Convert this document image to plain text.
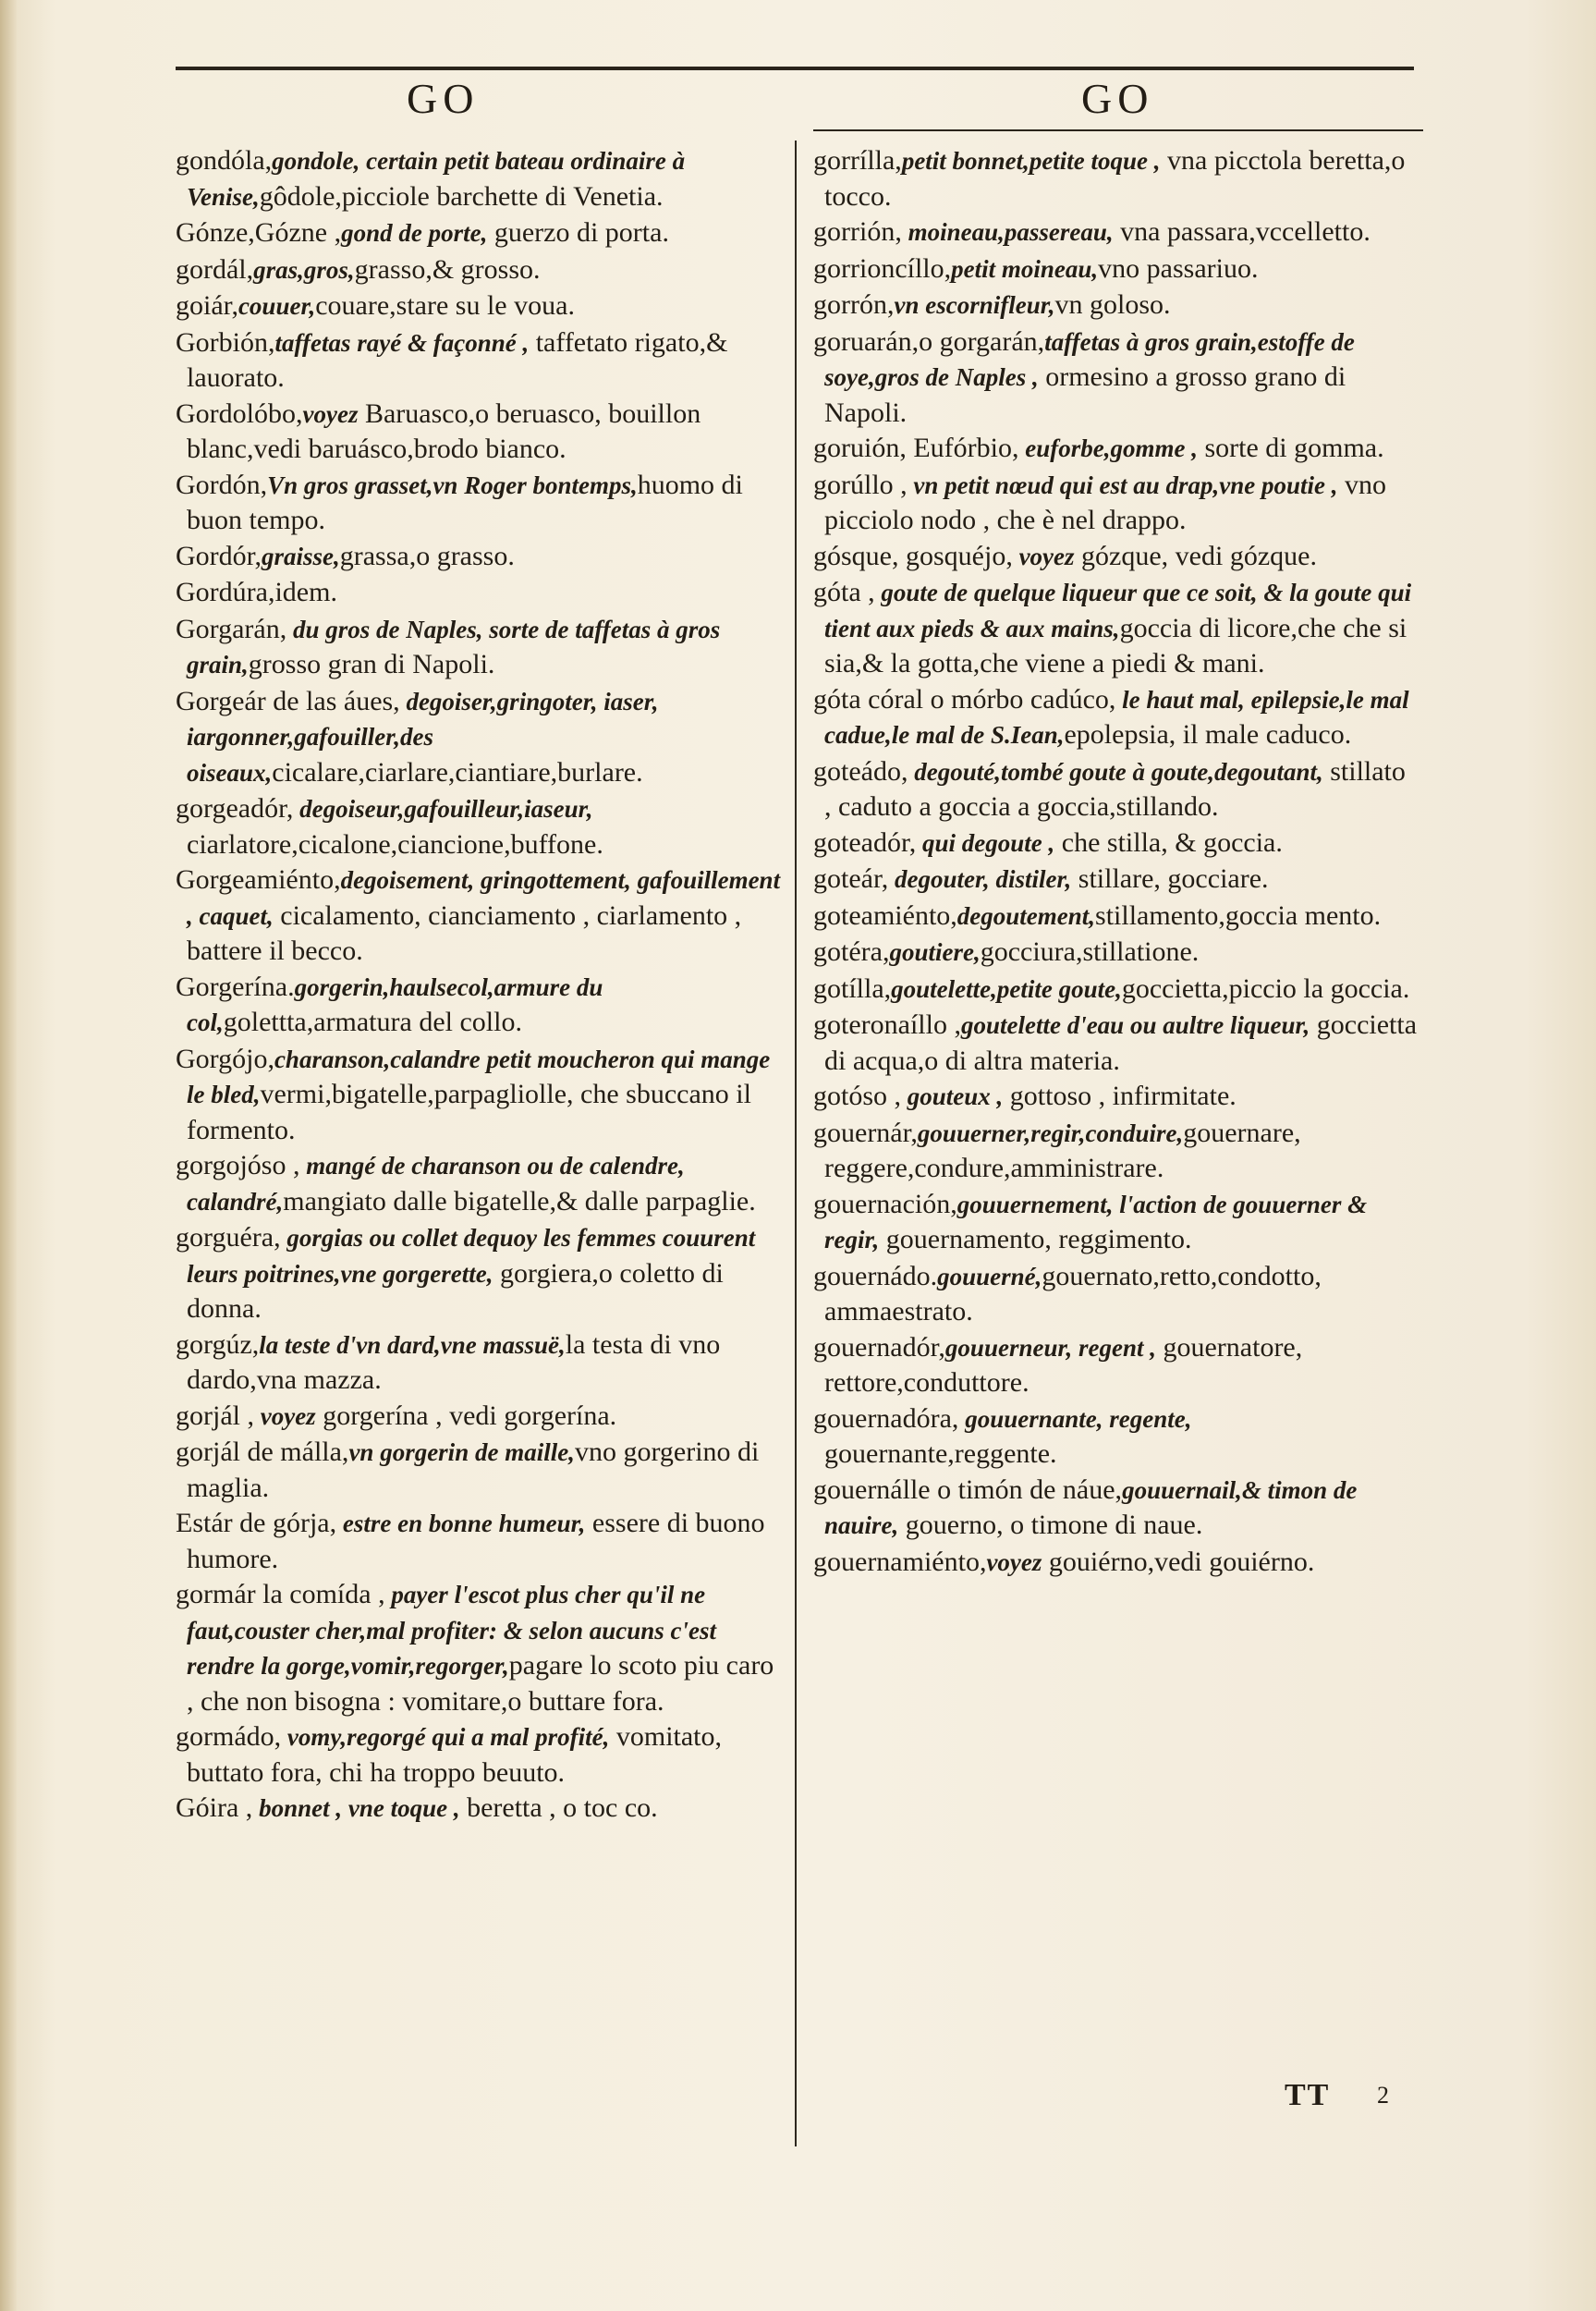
GO	GO

gondóla,gondole, certain petit bateau ordinaire à Venise,gôdole,picciole barchette di Venetia.

Gónze,Gózne ,gond de porte, guerzo di porta.

gordál,gras,gros,grasso,& grosso.

goiár,couuer,couare,stare su le voua.

Gorbión,taffetas rayé & façonné , taffetato rigato,& lauorato.

Gordolóbo,voyez Baruasco,o beruasco, bouillon blanc,vedi baruásco,brodo bianco.

Gordón,Vn gros grasset,vn Roger bontemps,huomo di buon tempo.

Gordór,graisse,grassa,o grasso.

Gordúra,idem.

Gorgarán, du gros de Naples, sorte de taffetas à gros grain,grosso gran di Napoli.

Gorgeár de las áues, degoiser,gringoter, iaser, iargonner,gafouiller,des oiseaux,cicalare,ciarlare,ciantiare,burlare.

gorgeadór, degoiseur,gafouilleur,iaseur, ciarlatore,cicalone,ciancione,buffone.

Gorgeamiénto,degoisement, gringottement, gafouillement , caquet, cicalamento, cianciamento , ciarlamento , battere il becco.

Gorgerína.gorgerin,haulsecol,armure du col,golettta,armatura del collo.

Gorgójo,charanson,calandre petit moucheron qui mange le bled,vermi,bigatelle,parpagliolle, che sbuccano il formento.

gorgojóso , mangé de charanson ou de calendre, calandré,mangiato dalle bigatelle,& dalle parpaglie.

gorguéra, gorgias ou collet dequoy les femmes couurent leurs poitrines,vne gorgerette, gorgiera,o coletto di donna.

gorgúz,la teste d'vn dard,vne massuë,la testa di vno dardo,vna mazza.

gorjál , voyez gorgerína , vedi gorgerína.

gorjál de málla,vn gorgerin de maille,vno gorgerino di maglia.

Estár de górja, estre en bonne humeur, essere di buono humore.

gormár la comída , payer l'escot plus cher qu'il ne faut,couster cher,mal profiter: & selon aucuns c'est rendre la gorge,vomir,regorger,pagare lo scoto piu caro , che non bisogna : vomitare,o buttare fora.

gormádo, vomy,regorgé qui a mal profité, vomitato, buttato fora, chi ha troppo beuuto.

Góira , bonnet , vne toque , beretta , o toc co.

gorrílla,petit bonnet,petite toque , vna picctola beretta,o tocco.

gorrión, moineau,passereau, vna passara,vccelletto.

gorrioncíllo,petit moineau,vno passariuo.

gorrón,vn escornifleur,vn goloso.

goruarán,o gorgarán,taffetas à gros grain,estoffe de soye,gros de Naples , ormesino a grosso grano di Napoli.

goruión, Eufórbio, euforbe,gomme , sorte di gomma.

gorúllo , vn petit nœud qui est au drap,vne poutie , vno picciolo nodo , che è nel drappo.

gósque, gosquéjo, voyez gózque, vedi gózque.

góta , goute de quelque liqueur que ce soit, & la goute qui tient aux pieds & aux mains,goccia di licore,che che si sia,& la gotta,che viene a piedi & mani.

góta córal o mórbo cadúco, le haut mal, epilepsie,le mal cadue,le mal de S.Iean,epolepsia, il male caduco.

goteádo, degouté,tombé goute à goute,degoutant, stillato , caduto a goccia a goccia,stillando.

goteadór, qui degoute , che stilla, & goccia.

goteár, degouter, distiler, stillare, gocciare.

goteamiénto,degoutement,stillamento,goccia mento.

gotéra,goutiere,gocciura,stillatione.

gotílla,goutelette,petite goute,goccietta,piccio la goccia.

goteronaíllo ,goutelette d'eau ou aultre liqueur, goccietta di acqua,o di altra materia.

gotóso , gouteux , gottoso , infirmitate.

gouernár,gouuerner,regir,conduire,gouernare, reggere,condure,amministrare.

gouernación,gouuernement, l'action de gouuerner & regir, gouernamento, reggimento.

gouernádo.gouuerné,gouernato,retto,condotto, ammaestrato.

gouernadór,gouuerneur, regent , gouernatore, rettore,conduttore.

gouernadóra, gouuernante, regente, gouernante,reggente.

gouernálle o timón de náue,gouuernail,& timon de nauire, gouerno, o timone di naue.

gouernamiénto,voyez gouiérno,vedi gouiérno.

TT 2
